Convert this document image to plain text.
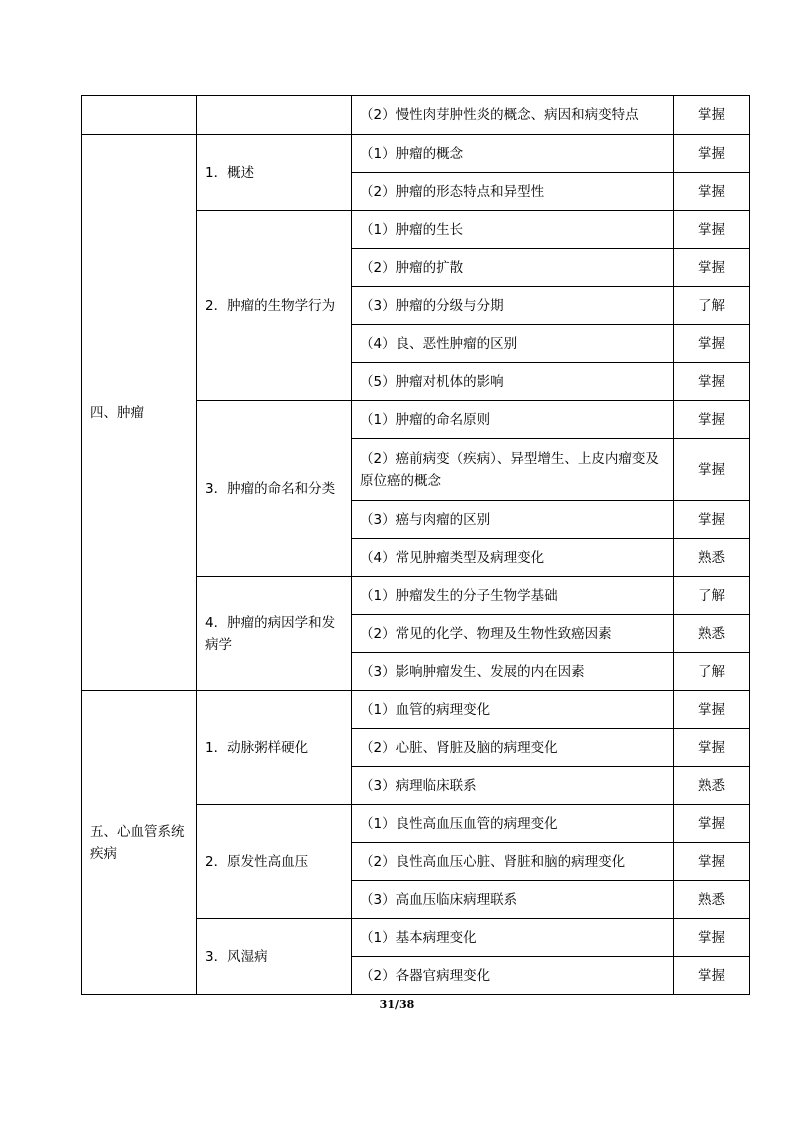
		（2）慢性肉芽肿性炎的概念、病因和病变特点	掌握
四、肿瘤	1．概述	（1）肿瘤的概念	掌握
		（2）肿瘤的形态特点和异型性	掌握
	2．肿瘤的生物学行为	（1）肿瘤的生长	掌握
		（2）肿瘤的扩散	掌握
		（3）肿瘤的分级与分期	了解
		（4）良、恶性肿瘤的区别	掌握
		（5）肿瘤对机体的影响	掌握
	3．肿瘤的命名和分类	（1）肿瘤的命名原则	掌握
		（2）癌前病变（疾病）、异型增生、上皮内瘤变及原位癌的概念	掌握
		（3）癌与肉瘤的区别	掌握
		（4）常见肿瘤类型及病理变化	熟悉
	4．肿瘤的病因学和发病学	（1）肿瘤发生的分子生物学基础	了解
		（2）常见的化学、物理及生物性致癌因素	熟悉
		（3）影响肿瘤发生、发展的内在因素	了解
五、心血管系统疾病	1．动脉粥样硬化	（1）血管的病理变化	掌握
		（2）心脏、肾脏及脑的病理变化	掌握
		（3）病理临床联系	熟悉
	2．原发性高血压	（1）良性高血压血管的病理变化	掌握
		（2）良性高血压心脏、肾脏和脑的病理变化	掌握
		（3）高血压临床病理联系	熟悉
	3．风湿病	（1）基本病理变化	掌握
		（2）各器官病理变化	掌握
31/38
